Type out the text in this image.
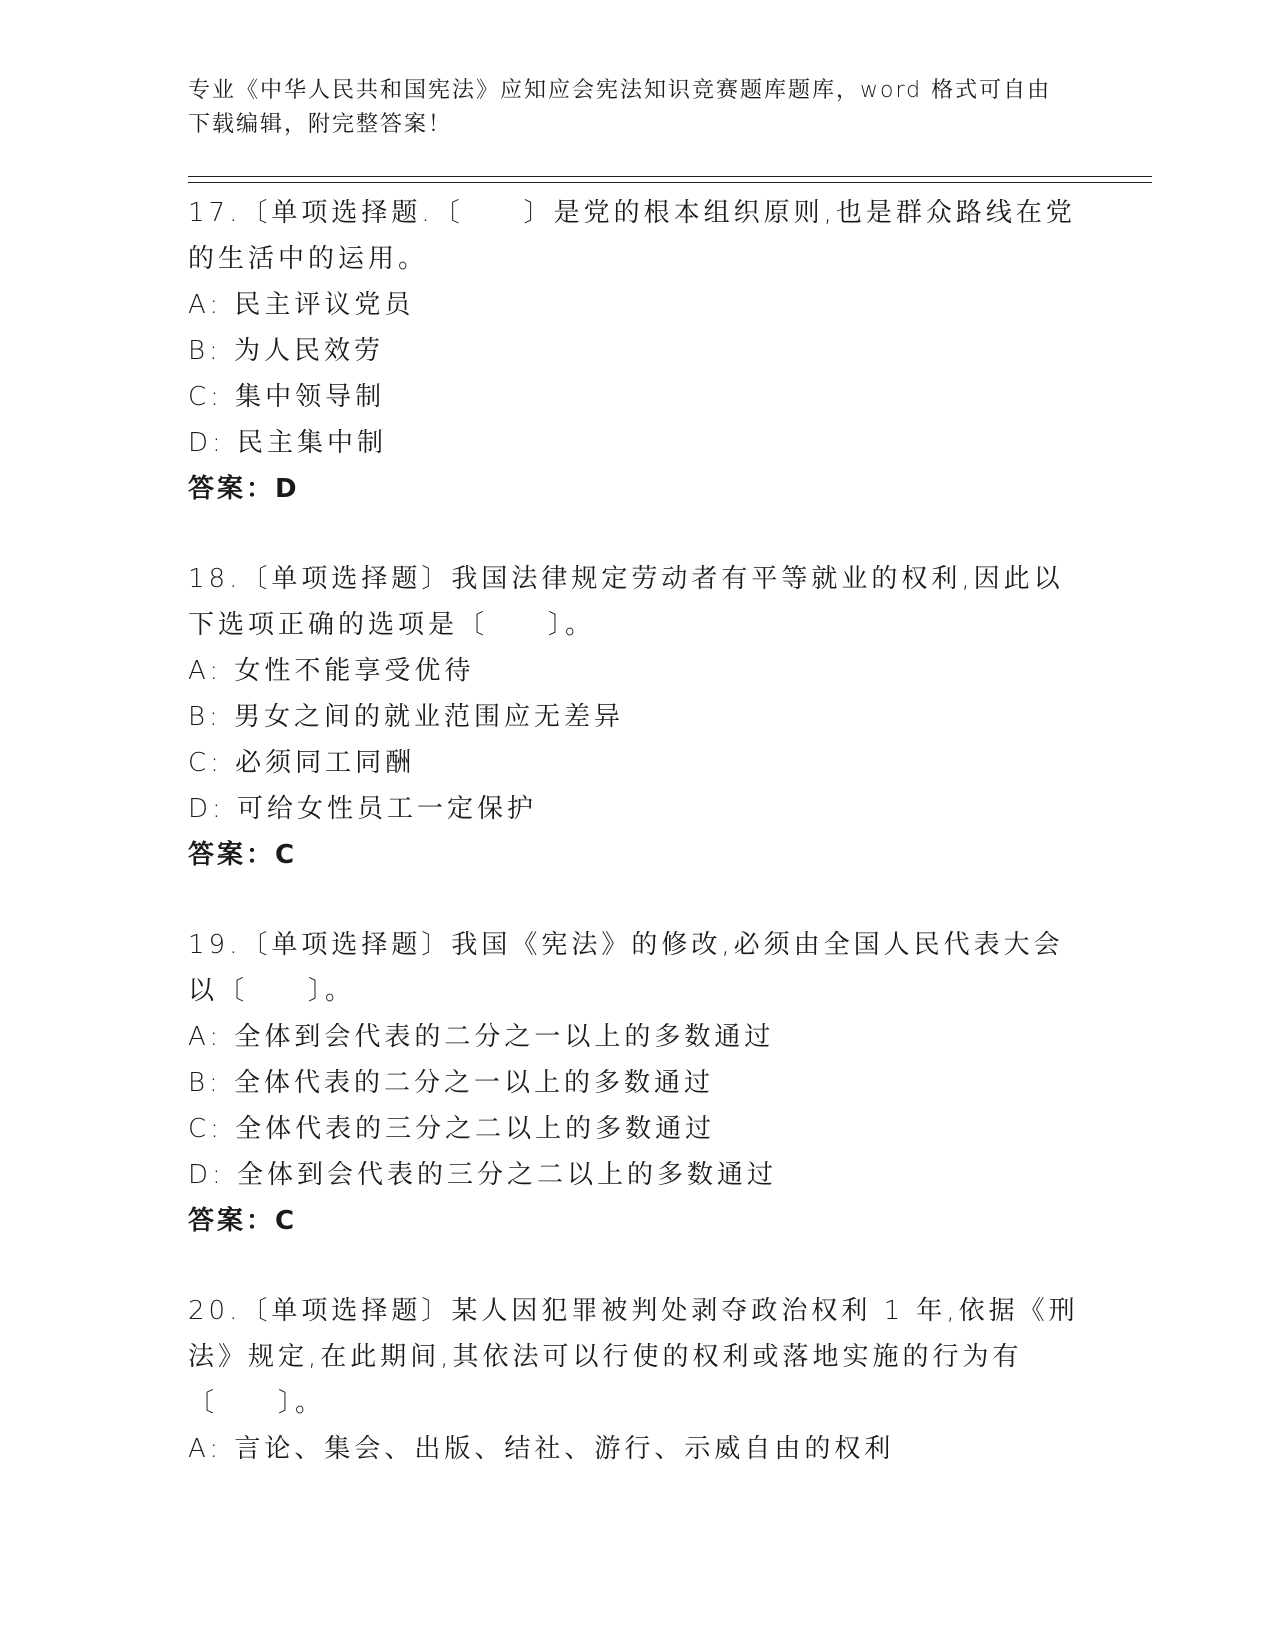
专业《中华人民共和国宪法》应知应会宪法知识竞赛题库题库，word 格式可自由下载编辑，附完整答案！

17.〔单项选择题.〔　　〕是党的根本组织原则,也是群众路线在党的生活中的运用。

A: 民主评议党员

B: 为人民效劳

C: 集中领导制

D: 民主集中制

答案：D

18.〔单项选择题〕我国法律规定劳动者有平等就业的权利,因此以下选项正确的选项是〔　　〕。

A: 女性不能享受优待

B: 男女之间的就业范围应无差异

C: 必须同工同酬

D: 可给女性员工一定保护

答案：C

19.〔单项选择题〕我国《宪法》的修改,必须由全国人民代表大会以〔　　〕。

A: 全体到会代表的二分之一以上的多数通过

B: 全体代表的二分之一以上的多数通过

C: 全体代表的三分之二以上的多数通过

D: 全体到会代表的三分之二以上的多数通过

答案：C

20.〔单项选择题〕某人因犯罪被判处剥夺政治权利 1 年,依据《刑法》规定,在此期间,其依法可以行使的权利或落地实施的行为有〔　　〕。

A: 言论、集会、出版、结社、游行、示威自由的权利
